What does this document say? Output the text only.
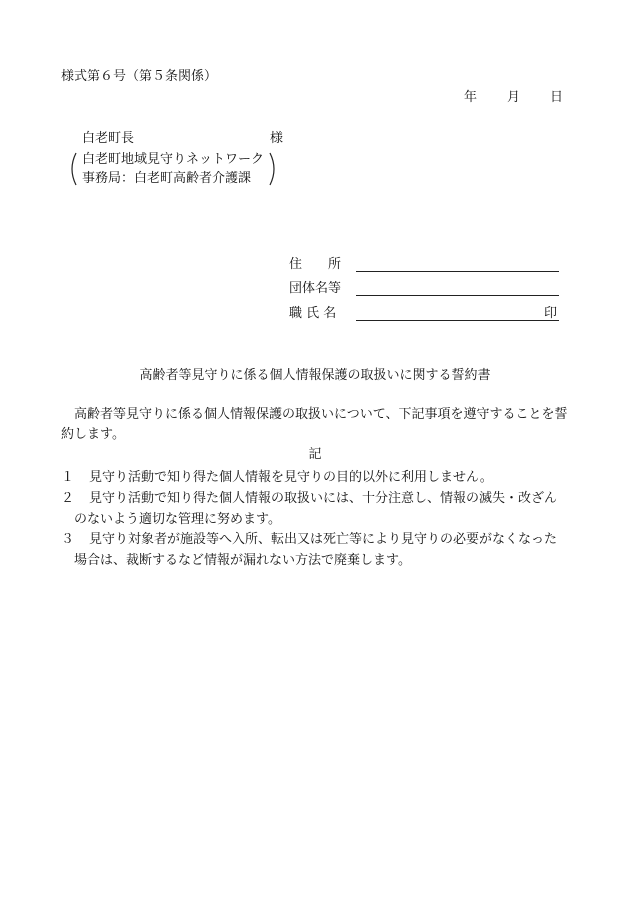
様式第６号（第５条関係）
年 月 日
白老町長	様
白老町地域見守りネットワーク
事務局：白老町高齢者介護課
住　　所
団体名等
職 氏 名	印
高齢者等見守りに係る個人情報保護の取扱いに関する誓約書
高齢者等見守りに係る個人情報保護の取扱いについて、下記事項を遵守することを誓約します。
記
１ 見守り活動で知り得た個人情報を見守りの目的以外に利用しません。
２ 見守り活動で知り得た個人情報の取扱いには、十分注意し、情報の滅失・改ざん
のないよう適切な管理に努めます。
３ 見守り対象者が施設等へ入所、転出又は死亡等により見守りの必要がなくなった
場合は、裁断するなど情報が漏れない方法で廃棄します。
